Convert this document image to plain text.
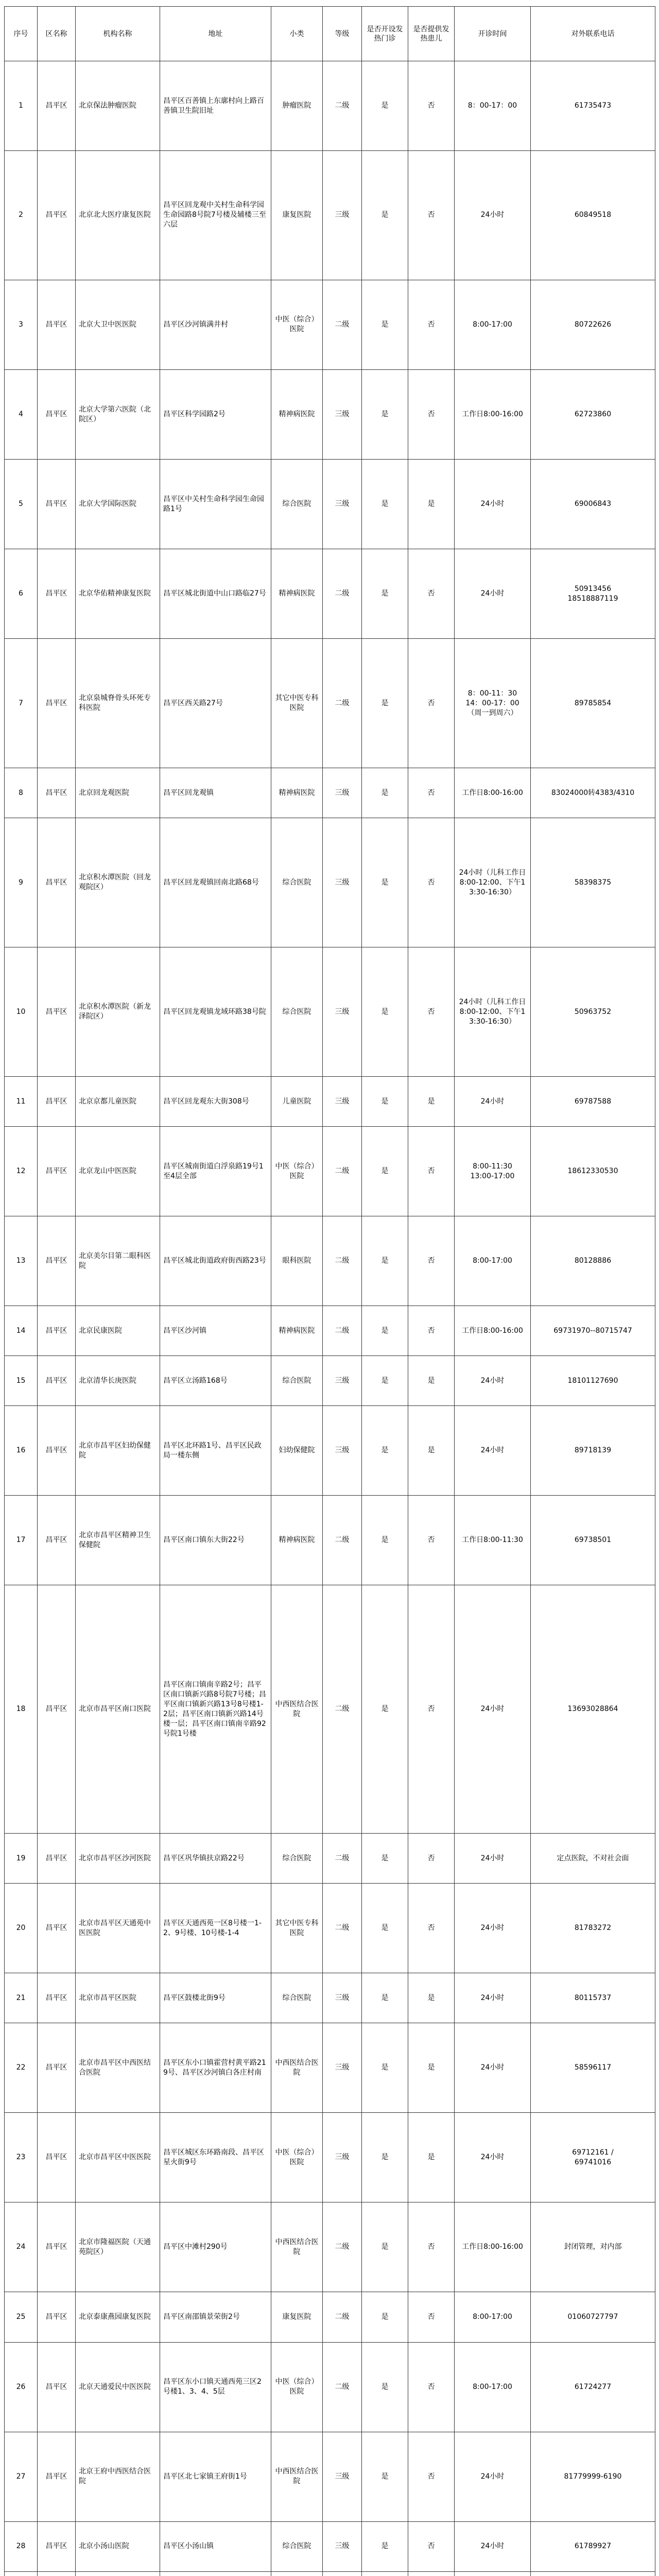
序号	区名称	机构名称	地址	小类	等级	是否开设发热门诊	是否提供发热患儿	开诊时间	对外联系电话
1	昌平区	北京保法肿瘤医院	昌平区百善镇上东廓村向上路百善镇卫生院旧址	肿瘤医院	二级	是	否	8：00-17：00	61735473
2	昌平区	北京北大医疗康复医院	昌平区回龙观中关村生命科学园生命园路8号院7号楼及辅楼三至六层	康复医院	三级	是	否	24小时	60849518
3	昌平区	北京大卫中医医院	昌平区沙河镇满井村	中医（综合）医院	二级	是	否	8:00-17:00	80722626
4	昌平区	北京大学第六医院（北院区）	昌平区科学园路2号	精神病医院	三级	是	否	工作日8:00-16:00	62723860
5	昌平区	北京大学国际医院	昌平区中关村生命科学园生命园路1号	综合医院	三级	是	是	24小时	69006843
6	昌平区	北京华佑精神康复医院	昌平区城北街道中山口路临27号	精神病医院	二级	是	否	24小时	50913456
18518887119
7	昌平区	北京泉城脊骨头环死专科医院	昌平区西关路27号	其它中医专科医院	二级	是	否	8：00-11：30
14：00-17：00
（周一到周六）	89785854
8	昌平区	北京回龙观医院	昌平区回龙观镇	精神病医院	三级	是	否	工作日8:00-16:00	83024000转4383/4310
9	昌平区	北京积水潭医院（回龙观院区）	昌平区回龙观镇回南北路68号	综合医院	三级	是	否	24小时（儿科工作日8:00-12:00、下午13:30-16:30）	58398375
10	昌平区	北京积水潭医院（新龙泽院区）	昌平区回龙观镇龙域环路38号院	综合医院	三级	是	否	24小时（儿科工作日8:00-12:00、下午13:30-16:30）	50963752
11	昌平区	北京京都儿童医院	昌平区回龙观东大街308号	儿童医院	三级	是	是	24小时	69787588
12	昌平区	北京龙山中医医院	昌平区城南街道白浮泉路19号1至4层全部	中医（综合）医院	二级	是	否	8:00-11:30
13:00-17:00	18612330530
13	昌平区	北京美尔目第二眼科医院	昌平区城北街道政府街西路23号	眼科医院	二级	是	否	8:00-17:00	80128886
14	昌平区	北京民康医院	昌平区沙河镇	精神病医院	二级	是	否	工作日8:00-16:00	69731970--80715747
15	昌平区	北京清华长庚医院	昌平区立汤路168号	综合医院	三级	是	是	24小时	18101127690
16	昌平区	北京市昌平区妇幼保健院	昌平区北环路1号、昌平区民政局一楼东侧	妇幼保健院	三级	是	是	24小时	89718139
17	昌平区	北京市昌平区精神卫生保健院	昌平区南口镇东大街22号	精神病医院	二级	是	否	工作日8:00-11:30	69738501
18	昌平区	北京市昌平区南口医院	昌平区南口镇南辛路2号；昌平区南口镇新兴路8号院7号楼；昌平区南口镇新兴路13号8号楼1-2层；昌平区南口镇新兴路14号楼一层；昌平区南口镇南辛路92号院1号楼	中西医结合医院	二级	是	否	24小时	13693028864
19	昌平区	北京市昌平区沙河医院	昌平区巩华镇扶京路22号	综合医院	二级	是	否	24小时	定点医院，不对社会面
20	昌平区	北京市昌平区天通苑中医医院	昌平区天通西苑一区8号楼一1-2、9号楼、10号楼-1-4	其它中医专科医院	二级	是	否	24小时	81783272
21	昌平区	北京市昌平区医院	昌平区鼓楼北街9号	综合医院	三级	是	是	24小时	80115737
22	昌平区	北京市昌平区中西医结合医院	昌平区东小口镇霍营村黄平路219号、昌平区沙河镇白各庄村南	中西医结合医院	三级	是	是	24小时	58596117
23	昌平区	北京市昌平区中医医院	昌平区城区东环路南段、昌平区星火街9号	中医（综合）医院	三级	是	是	24小时	69712161 /
69741016
24	昌平区	北京市隆福医院（天通苑院区）	昌平区中滩村290号	中西医结合医院	二级	是	否	工作日8:00-16:00	封闭管理，对内部
25	昌平区	北京泰康燕园康复医院	昌平区南邵镇景荣街2号	康复医院	二级	是	否	8:00-17:00	01060727797
26	昌平区	北京天通爱民中医医院	昌平区东小口镇天通西苑三区2号楼1、3、4、5层	中医（综合）医院	二级	是	否	8:00-17:00	61724277
27	昌平区	北京王府中西医结合医院	昌平区北七家镇王府街1号	中西医结合医院	三级	是	否	24小时	81779999-6190
28	昌平区	北京小汤山医院	昌平区小汤山镇	综合医院	三级	是	否	24小时	61789927
